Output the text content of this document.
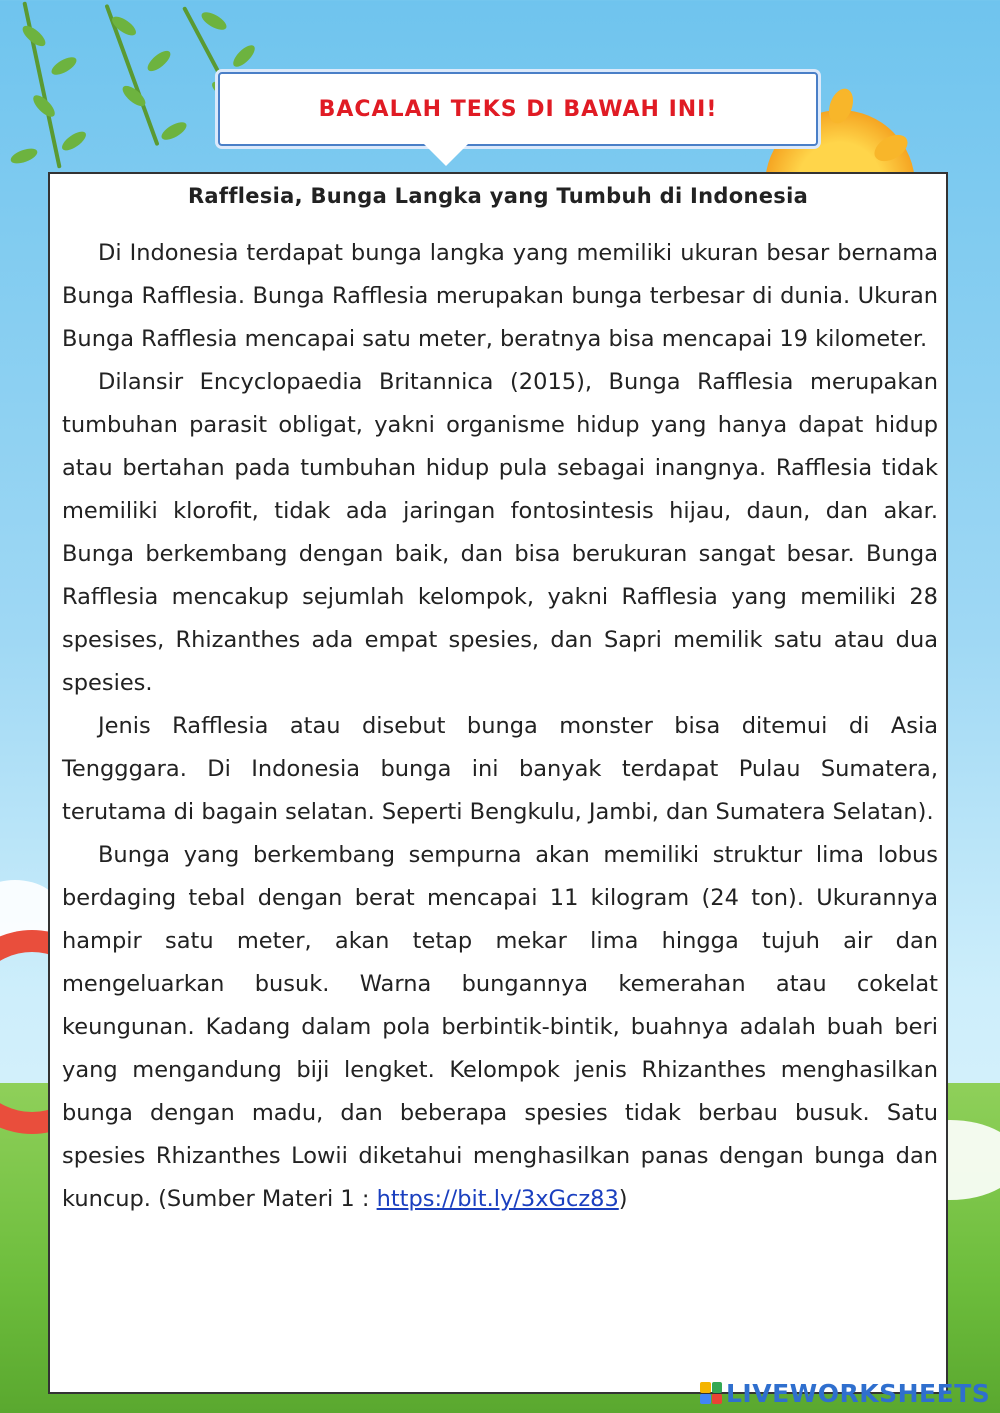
BACALAH TEKS DI BAWAH INI!
Rafflesia, Bunga Langka yang Tumbuh di Indonesia

Di Indonesia terdapat bunga langka yang memiliki ukuran besar bernama Bunga Rafflesia. Bunga Rafflesia merupakan bunga terbesar di dunia. Ukuran Bunga Rafflesia mencapai satu meter, beratnya bisa mencapai 19 kilometer.

Dilansir Encyclopaedia Britannica (2015), Bunga Rafflesia merupakan tumbuhan parasit obligat, yakni organisme hidup yang hanya dapat hidup atau bertahan pada tumbuhan hidup pula sebagai inangnya. Rafflesia tidak memiliki klorofit, tidak ada jaringan fontosintesis hijau, daun, dan akar. Bunga berkembang dengan baik, dan bisa berukuran sangat besar. Bunga Rafflesia mencakup sejumlah kelompok, yakni Rafflesia yang memiliki 28 spesises, Rhizanthes ada empat spesies, dan Sapri memilik satu atau dua spesies.

Jenis Rafflesia atau disebut bunga monster bisa ditemui di Asia Tengggara. Di Indonesia bunga ini banyak terdapat Pulau Sumatera, terutama di bagain selatan. Seperti Bengkulu, Jambi, dan Sumatera Selatan).

Bunga yang berkembang sempurna akan memiliki struktur lima lobus berdaging tebal dengan berat mencapai 11 kilogram (24 ton). Ukurannya hampir satu meter, akan tetap mekar lima hingga tujuh air dan mengeluarkan busuk. Warna bungannya kemerahan atau cokelat keungunan. Kadang dalam pola berbintik-bintik, buahnya adalah buah beri yang mengandung biji lengket. Kelompok jenis Rhizanthes menghasilkan bunga dengan madu, dan beberapa spesies tidak berbau busuk. Satu spesies Rhizanthes Lowii diketahui menghasilkan panas dengan bunga dan kuncup. (Sumber Materi 1 : https://bit.ly/3xGcz83)

LIVEWORKSHEETS
